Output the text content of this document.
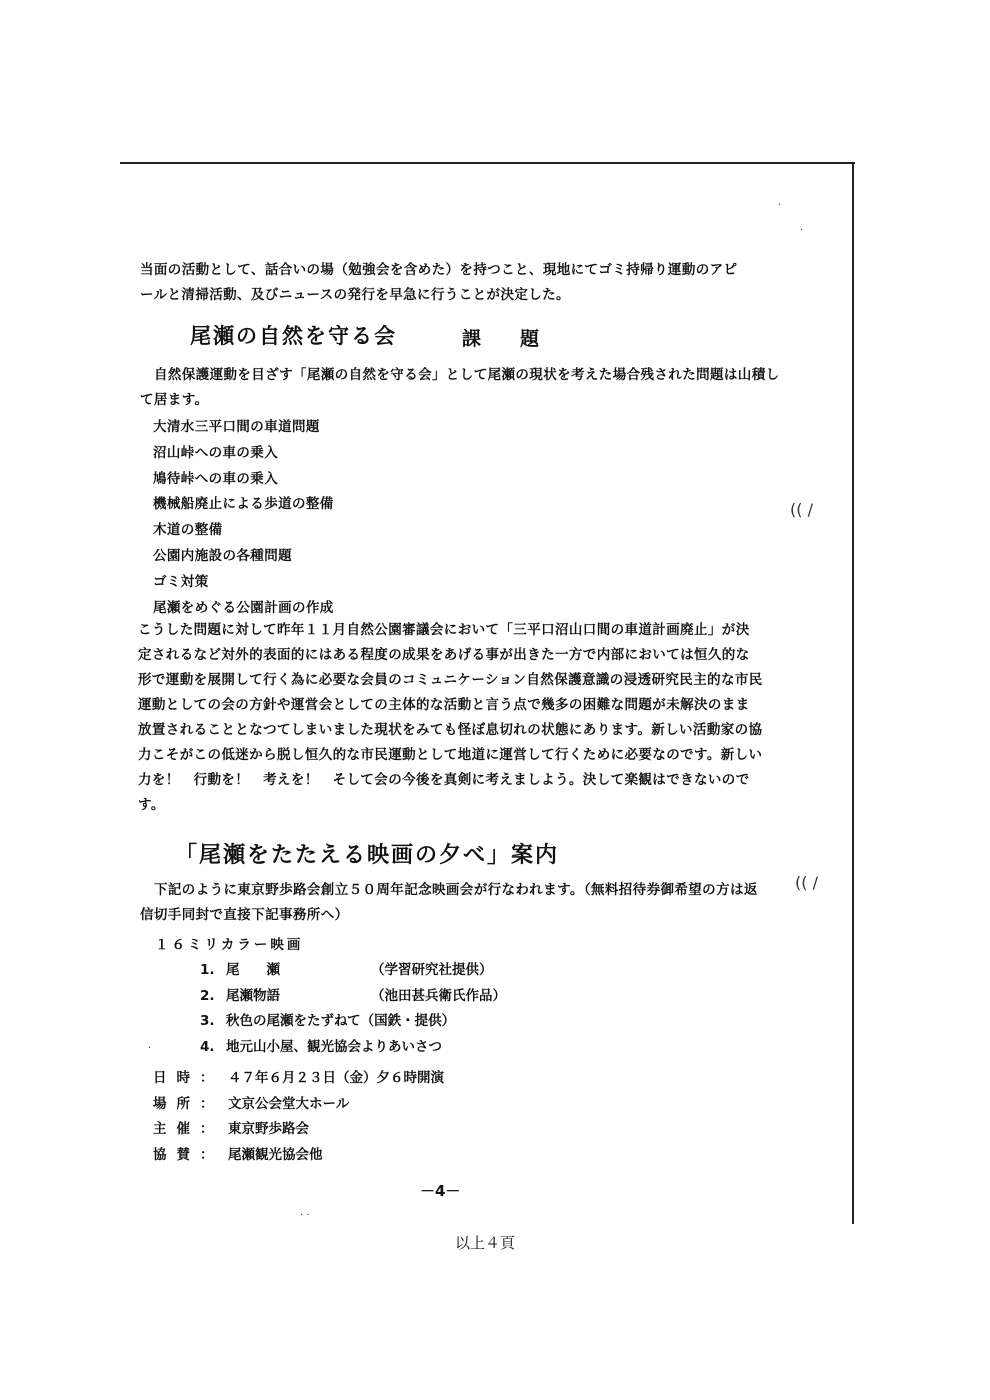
当面の活動として、話合いの場（勉強会を含めた）を持つこと、現地にてゴミ持帰り運動のアピ
ールと清掃活動、及びニュースの発行を早急に行うことが決定した。

尾瀬の自然を守る会	課　題

自然保護運動を目ざす「尾瀬の自然を守る会」として尾瀬の現状を考えた場合残された問題は山積して居ます。

大清水三平口間の車道問題
沼山峠への車の乗入
鳩待峠への車の乗入
機械船廃止による歩道の整備
木道の整備
公園内施設の各種問題
ゴミ対策
尾瀬をめぐる公園計画の作成

こうした問題に対して昨年１１月自然公園審議会において「三平口沼山口間の車道計画廃止」が決定されるなど対外的表面的にはある程度の成果をあげる事が出きた一方で内部においては恒久的な形で運動を展開して行く為に必要な会員のコミュニケーション自然保護意識の浸透研究民主的な市民運動としての会の方針や運営会としての主体的な活動と言う点で幾多の困難な問題が未解決のまま放置されることとなつてしまいました現状をみても怪ぼ息切れの状態にあります。新しい活動家の協力こそがこの低迷から脱し恒久的な市民運動として地道に運営して行くために必要なのです。新しい力を！　行動を！　考えを！　そして会の今後を真剣に考えましよう。決して楽観はできないのです。

「尾瀬をたたえる映画の夕べ」案内

下記のように東京野歩路会創立５０周年記念映画会が行なわれます。（無料招待券御希望の方は返信切手同封で直接下記事務所へ）

１６ミリカラー映画

1. 尾　　瀬	（学習研究社提供）
2. 尾瀬物語	（池田甚兵衛氏作品）
3. 秋色の尾瀬をたずねて（国鉄・提供）
4. 地元山小屋、観光協会よりあいさつ
日時： ４７年６月２３日（金）夕６時開演
場所： 文京公会堂大ホール
主催： 東京野歩路会
協賛： 尾瀬観光協会他
－4－
以上４頁
·
·
(( /
(( /
·
· ·
